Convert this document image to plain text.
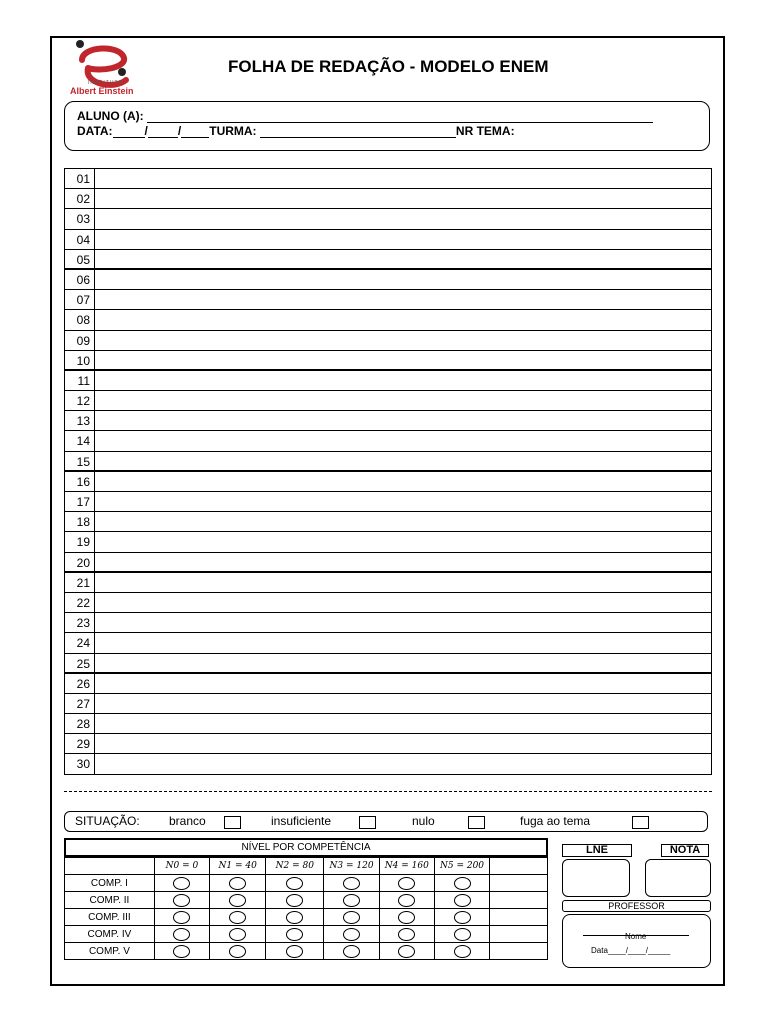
INSTITUTO
Albert Einstein
FOLHA DE REDAÇÃO - MODELO ENEM
ALUNO (A):
DATA:	/	/ TURMA:	NR TEMA:
01
02
03
04
05
06
07
08
09
10
11
12
13
14
15
16
17
18
19
20
21
22
23
24
25
26
27
28
29
30
SITUAÇÃO: branco	insuficiente	nulo	fuga ao tema
NÍVEL POR COMPETÊNCIA
	N0 = 0	N1 = 40	N2 = 80	N3 = 120	N4 = 160	N5 = 200	
COMP. I							
COMP. II							
COMP. III							
COMP. IV							
COMP. V							
LNE	NOTA
PROFESSOR
Nome
Data____/____/_____
